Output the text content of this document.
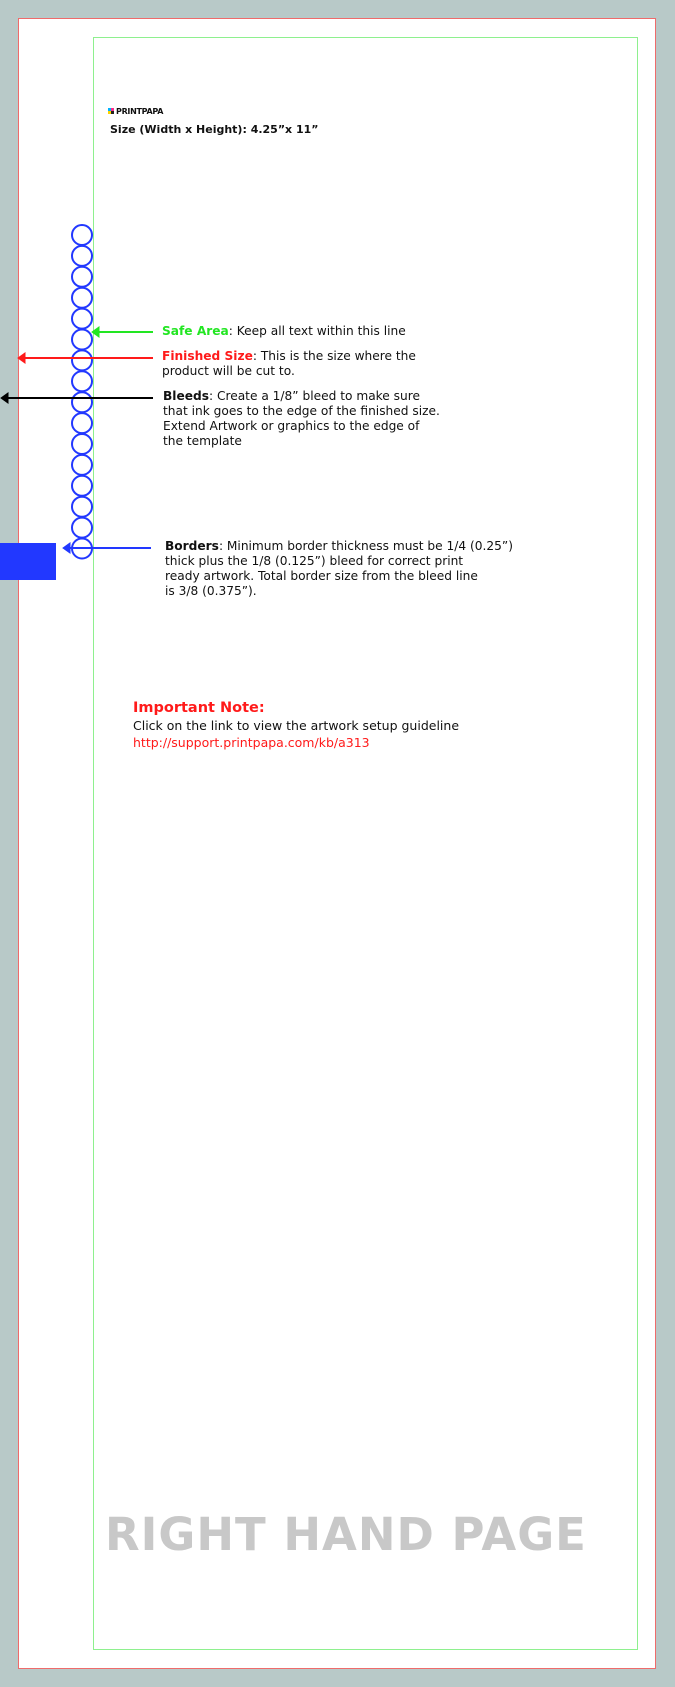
PRINTPAPA
Size (Width x Height): 4.25”x 11”
Safe Area: Keep all text within this line
Finished Size: This is the size where the
product will be cut to.
Bleeds: Create a 1/8” bleed to make sure
that ink goes to the edge of the finished size.
Extend Artwork or graphics to the edge of
the template
Borders: Minimum border thickness must be 1/4 (0.25”)
thick plus the 1/8 (0.125”) bleed for correct print
ready artwork. Total border size from the bleed line
is 3/8 (0.375”).
Important Note:
Click on the link to view the artwork setup guideline
http://support.printpapa.com/kb/a313
RIGHT HAND PAGE
